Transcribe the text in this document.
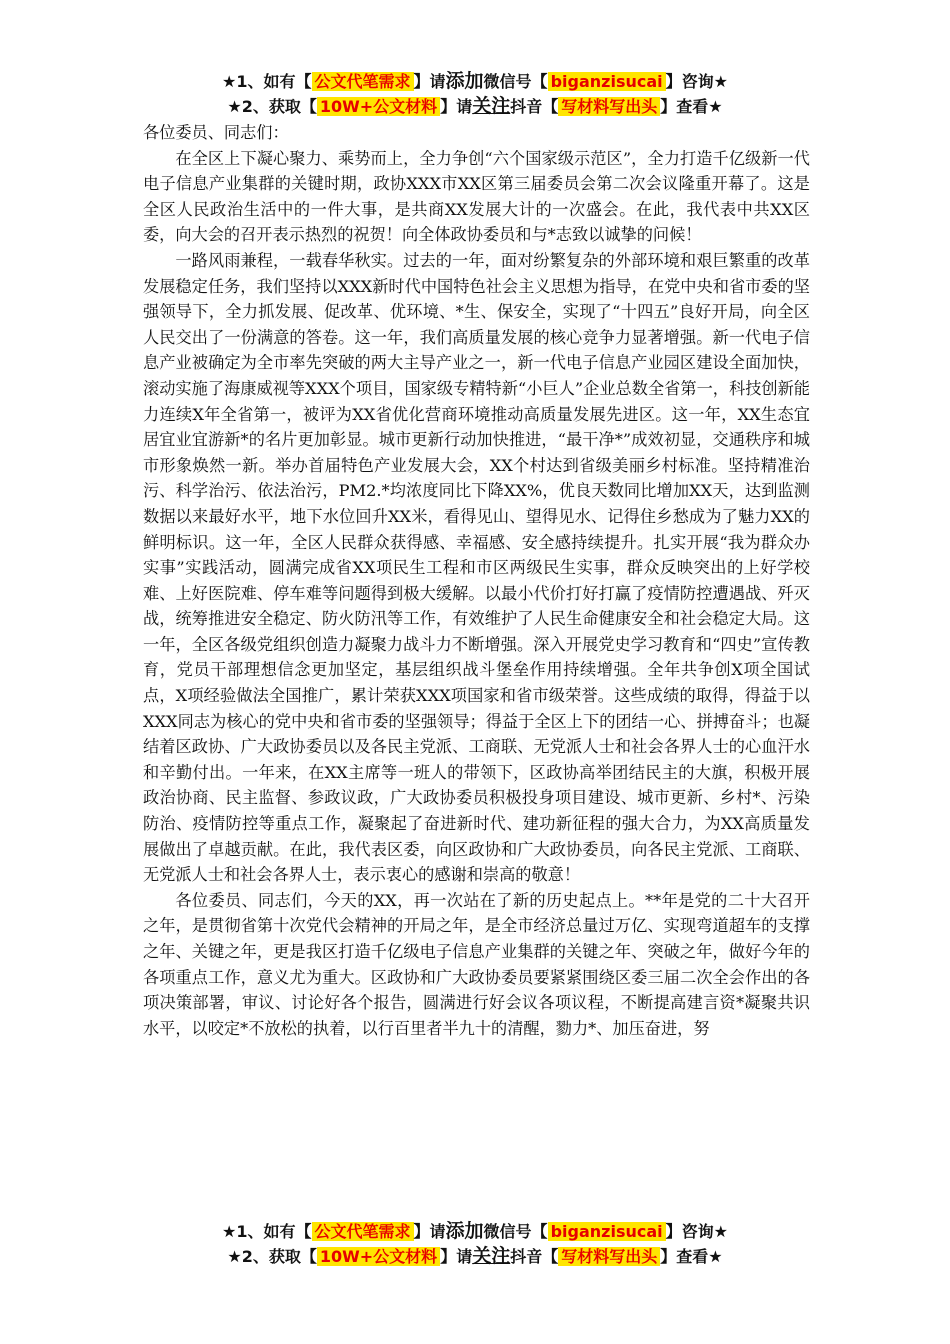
★1、如有【 公文代笔需求 】请添加微信号【 biganzisucai 】咨询★
★2、获取【 10W+公文材料 】请关注抖音【 写材料写出头 】查看★

各位委员、同志们：

在全区上下凝心聚力、乘势而上，全力争创“六个国家级示范区”，全力打造千亿级新一代电子信息产业集群的关键时期，政协XXX市XX区第三届委员会第二次会议隆重开幕了。这是全区人民政治生活中的一件大事，是共商XX发展大计的一次盛会。在此，我代表中共XX区委，向大会的召开表示热烈的祝贺！向全体政协委员和与*志致以诚挚的问候！

一路风雨兼程，一载春华秋实。过去的一年，面对纷繁复杂的外部环境和艰巨繁重的改革发展稳定任务，我们坚持以XXX新时代中国特色社会主义思想为指导，在党中央和省市委的坚强领导下，全力抓发展、促改革、优环境、*生、保安全，实现了“十四五”良好开局，向全区人民交出了一份满意的答卷。这一年，我们高质量发展的核心竞争力显著增强。新一代电子信息产业被确定为全市率先突破的两大主导产业之一，新一代电子信息产业园区建设全面加快，滚动实施了海康威视等XXX个项目，国家级专精特新“小巨人”企业总数全省第一，科技创新能力连续X年全省第一，被评为XX省优化营商环境推动高质量发展先进区。这一年，XX生态宜居宜业宜游新*的名片更加彰显。城市更新行动加快推进，“最干净*”成效初显，交通秩序和城市形象焕然一新。举办首届特色产业发展大会，XX个村达到省级美丽乡村标准。坚持精准治污、科学治污、依法治污，PM2.*均浓度同比下降XX%，优良天数同比增加XX天，达到监测数据以来最好水平，地下水位回升XX米，看得见山、望得见水、记得住乡愁成为了魅力XX的鲜明标识。这一年，全区人民群众获得感、幸福感、安全感持续提升。扎实开展“我为群众办实事”实践活动，圆满完成省XX项民生工程和市区两级民生实事，群众反映突出的上好学校难、上好医院难、停车难等问题得到极大缓解。以最小代价打好打赢了疫情防控遭遇战、歼灭战，统筹推进安全稳定、防火防汛等工作，有效维护了人民生命健康安全和社会稳定大局。这一年，全区各级党组织创造力凝聚力战斗力不断增强。深入开展党史学习教育和“四史”宣传教育，党员干部理想信念更加坚定，基层组织战斗堡垒作用持续增强。全年共争创X项全国试点，X项经验做法全国推广，累计荣获XXX项国家和省市级荣誉。这些成绩的取得，得益于以XXX同志为核心的党中央和省市委的坚强领导；得益于全区上下的团结一心、拼搏奋斗；也凝结着区政协、广大政协委员以及各民主党派、工商联、无党派人士和社会各界人士的心血汗水和辛勤付出。一年来，在XX主席等一班人的带领下，区政协高举团结民主的大旗，积极开展政治协商、民主监督、参政议政，广大政协委员积极投身项目建设、城市更新、乡村*、污染防治、疫情防控等重点工作，凝聚起了奋进新时代、建功新征程的强大合力，为XX高质量发展做出了卓越贡献。在此，我代表区委，向区政协和广大政协委员，向各民主党派、工商联、无党派人士和社会各界人士，表示衷心的感谢和崇高的敬意！

各位委员、同志们，今天的XX，再一次站在了新的历史起点上。**年是党的二十大召开之年，是贯彻省第十次党代会精神的开局之年，是全市经济总量过万亿、实现弯道超车的支撑之年、关键之年，更是我区打造千亿级电子信息产业集群的关键之年、突破之年，做好今年的各项重点工作，意义尤为重大。区政协和广大政协委员要紧紧围绕区委三届二次全会作出的各项决策部署，审议、讨论好各个报告，圆满进行好会议各项议程，不断提高建言资*凝聚共识水平，以咬定*不放松的执着，以行百里者半九十的清醒，勠力*、加压奋进，努

★1、如有【 公文代笔需求 】请添加微信号【 biganzisucai 】咨询★
★2、获取【 10W+公文材料 】请关注抖音【 写材料写出头 】查看★
